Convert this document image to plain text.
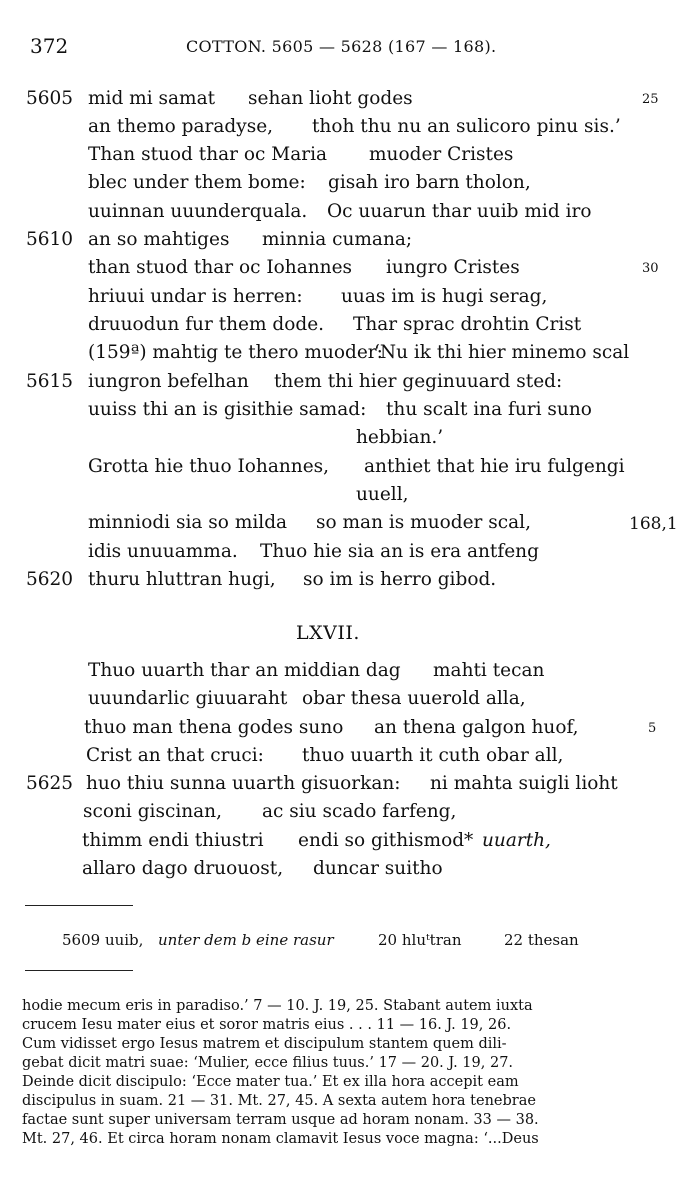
372	COTTON. 5605 — 5628 (167 — 168).
5605 mid mi samat sehan lioht godes	25
an themo paradyse, thoh thu nu an sulicoro pinu sis.’
Than stuod thar oc Maria muoder Cristes
blec under them bome: gisah iro barn tholon,
uuinnan uuunderquala. Oc uuarun thar uuib mid iro
5610 an so mahtiges minnia cumana;
than stuod thar oc Iohannes iungro Cristes	30
hriuui undar is herren: uuas im is hugi serag,
druuodun fur them dode. Thar sprac drohtin Crist
(159ª) mahtig te thero muoder:
‘Nu ik thi hier minemo scal
5615 iungron befelhan them thi hier geginuuard sted:
uuiss thi an is gisithie samad: thu scalt ina furi suno
hebbian.’
Grotta hie thuo Iohannes, anthiet that hie iru fulgengi
uuell,
minniodi sia so milda so man is muoder scal,	168,1
idis unuuamma. Thuo hie sia an is era antfeng
5620 thuru hluttran hugi, so im is herro gibod.
LXVII.
Thuo uuarth thar an middian dag mahti tecan
uuundarlic giuuaraht obar thesa uuerold alla,
thuo man thena godes suno an thena galgon huof,	5
Crist an that cruci: thuo uuarth it cuth obar all,
5625 huo thiu sunna uuarth gisuorkan: ni mahta suigli lioht
sconi giscinan, ac siu scado farfeng,
thimm endi thiustri endi so githismod* uuarth,
allaro dago druouost, duncar suitho
5609 uuib, unter dem b eine rasur	20 hluᵗtran	22 thesan
hodie mecum eris in paradiso.’ 7 — 10. J. 19, 25. Stabant autem iuxta
crucem Iesu mater eius et soror matris eius . . . 11 — 16. J. 19, 26.
Cum vidisset ergo Iesus matrem et discipulum stantem quem dili-
gebat dicit matri suae: ‘Mulier, ecce filius tuus.’ 17 — 20. J. 19, 27.
Deinde dicit discipulo: ‘Ecce mater tua.’ Et ex illa hora accepit eam
discipulus in suam. 21 — 31. Mt. 27, 45. A sexta autem hora tenebrae
factae sunt super universam terram usque ad horam nonam. 33 — 38.
Mt. 27, 46. Et circa horam nonam clamavit Iesus voce magna: ‘...Deus
